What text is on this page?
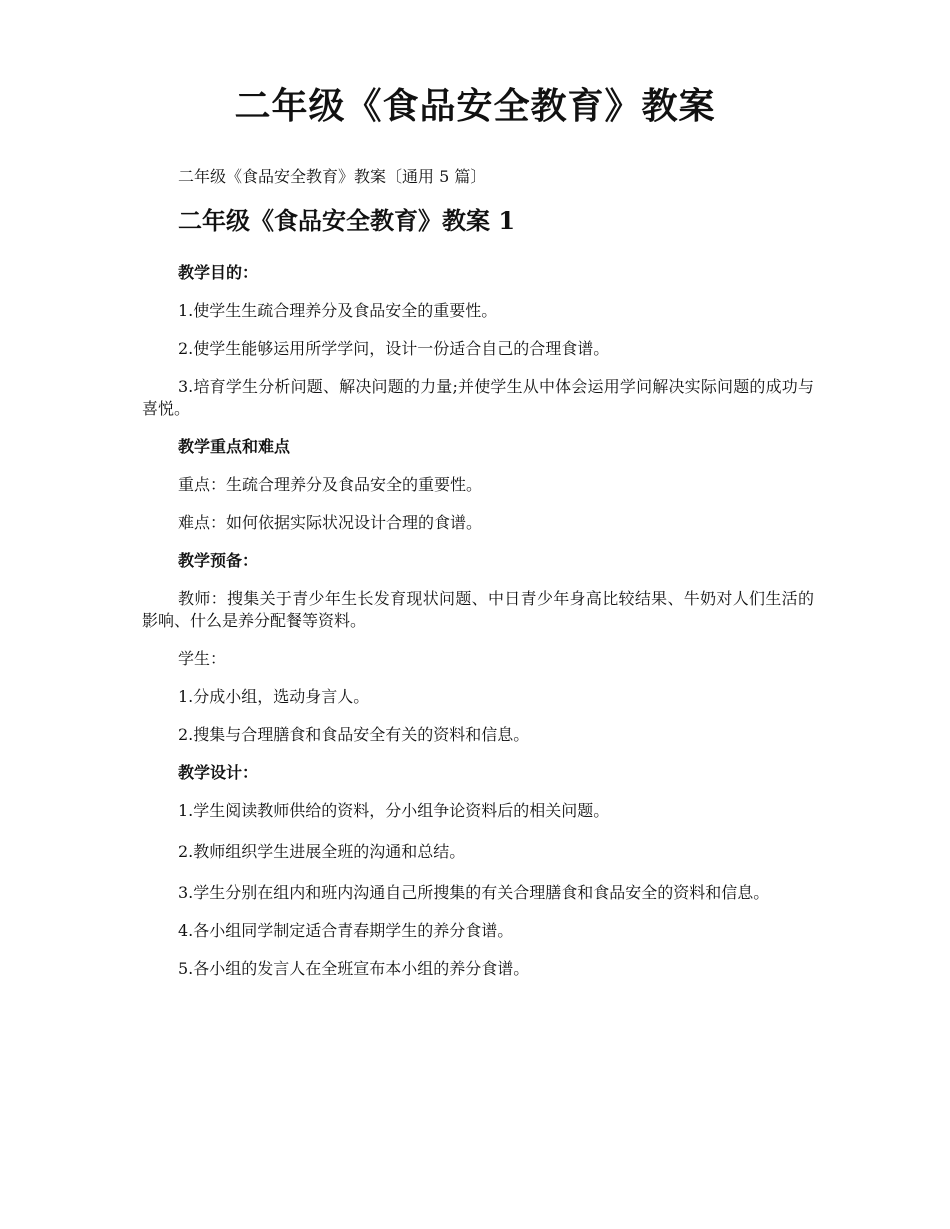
二年级《食品安全教育》教案

二年级《食品安全教育》教案〔通用 5 篇〕

二年级《食品安全教育》教案 1

教学目的：

1.使学生生疏合理养分及食品安全的重要性。

2.使学生能够运用所学学问，设计一份适合自己的合理食谱。

3.培育学生分析问题、解决问题的力量;并使学生从中体会运用学问解决实际问题的成功与喜悦。

教学重点和难点

重点：生疏合理养分及食品安全的重要性。

难点：如何依据实际状况设计合理的食谱。

教学预备：

教师：搜集关于青少年生长发育现状问题、中日青少年身高比较结果、牛奶对人们生活的影响、什么是养分配餐等资料。

学生：

1.分成小组，选动身言人。

2.搜集与合理膳食和食品安全有关的资料和信息。

教学设计：

1.学生阅读教师供给的资料，分小组争论资料后的相关问题。

2.教师组织学生进展全班的沟通和总结。

3.学生分别在组内和班内沟通自己所搜集的有关合理膳食和食品安全的资料和信息。

4.各小组同学制定适合青春期学生的养分食谱。

5.各小组的发言人在全班宣布本小组的养分食谱。
